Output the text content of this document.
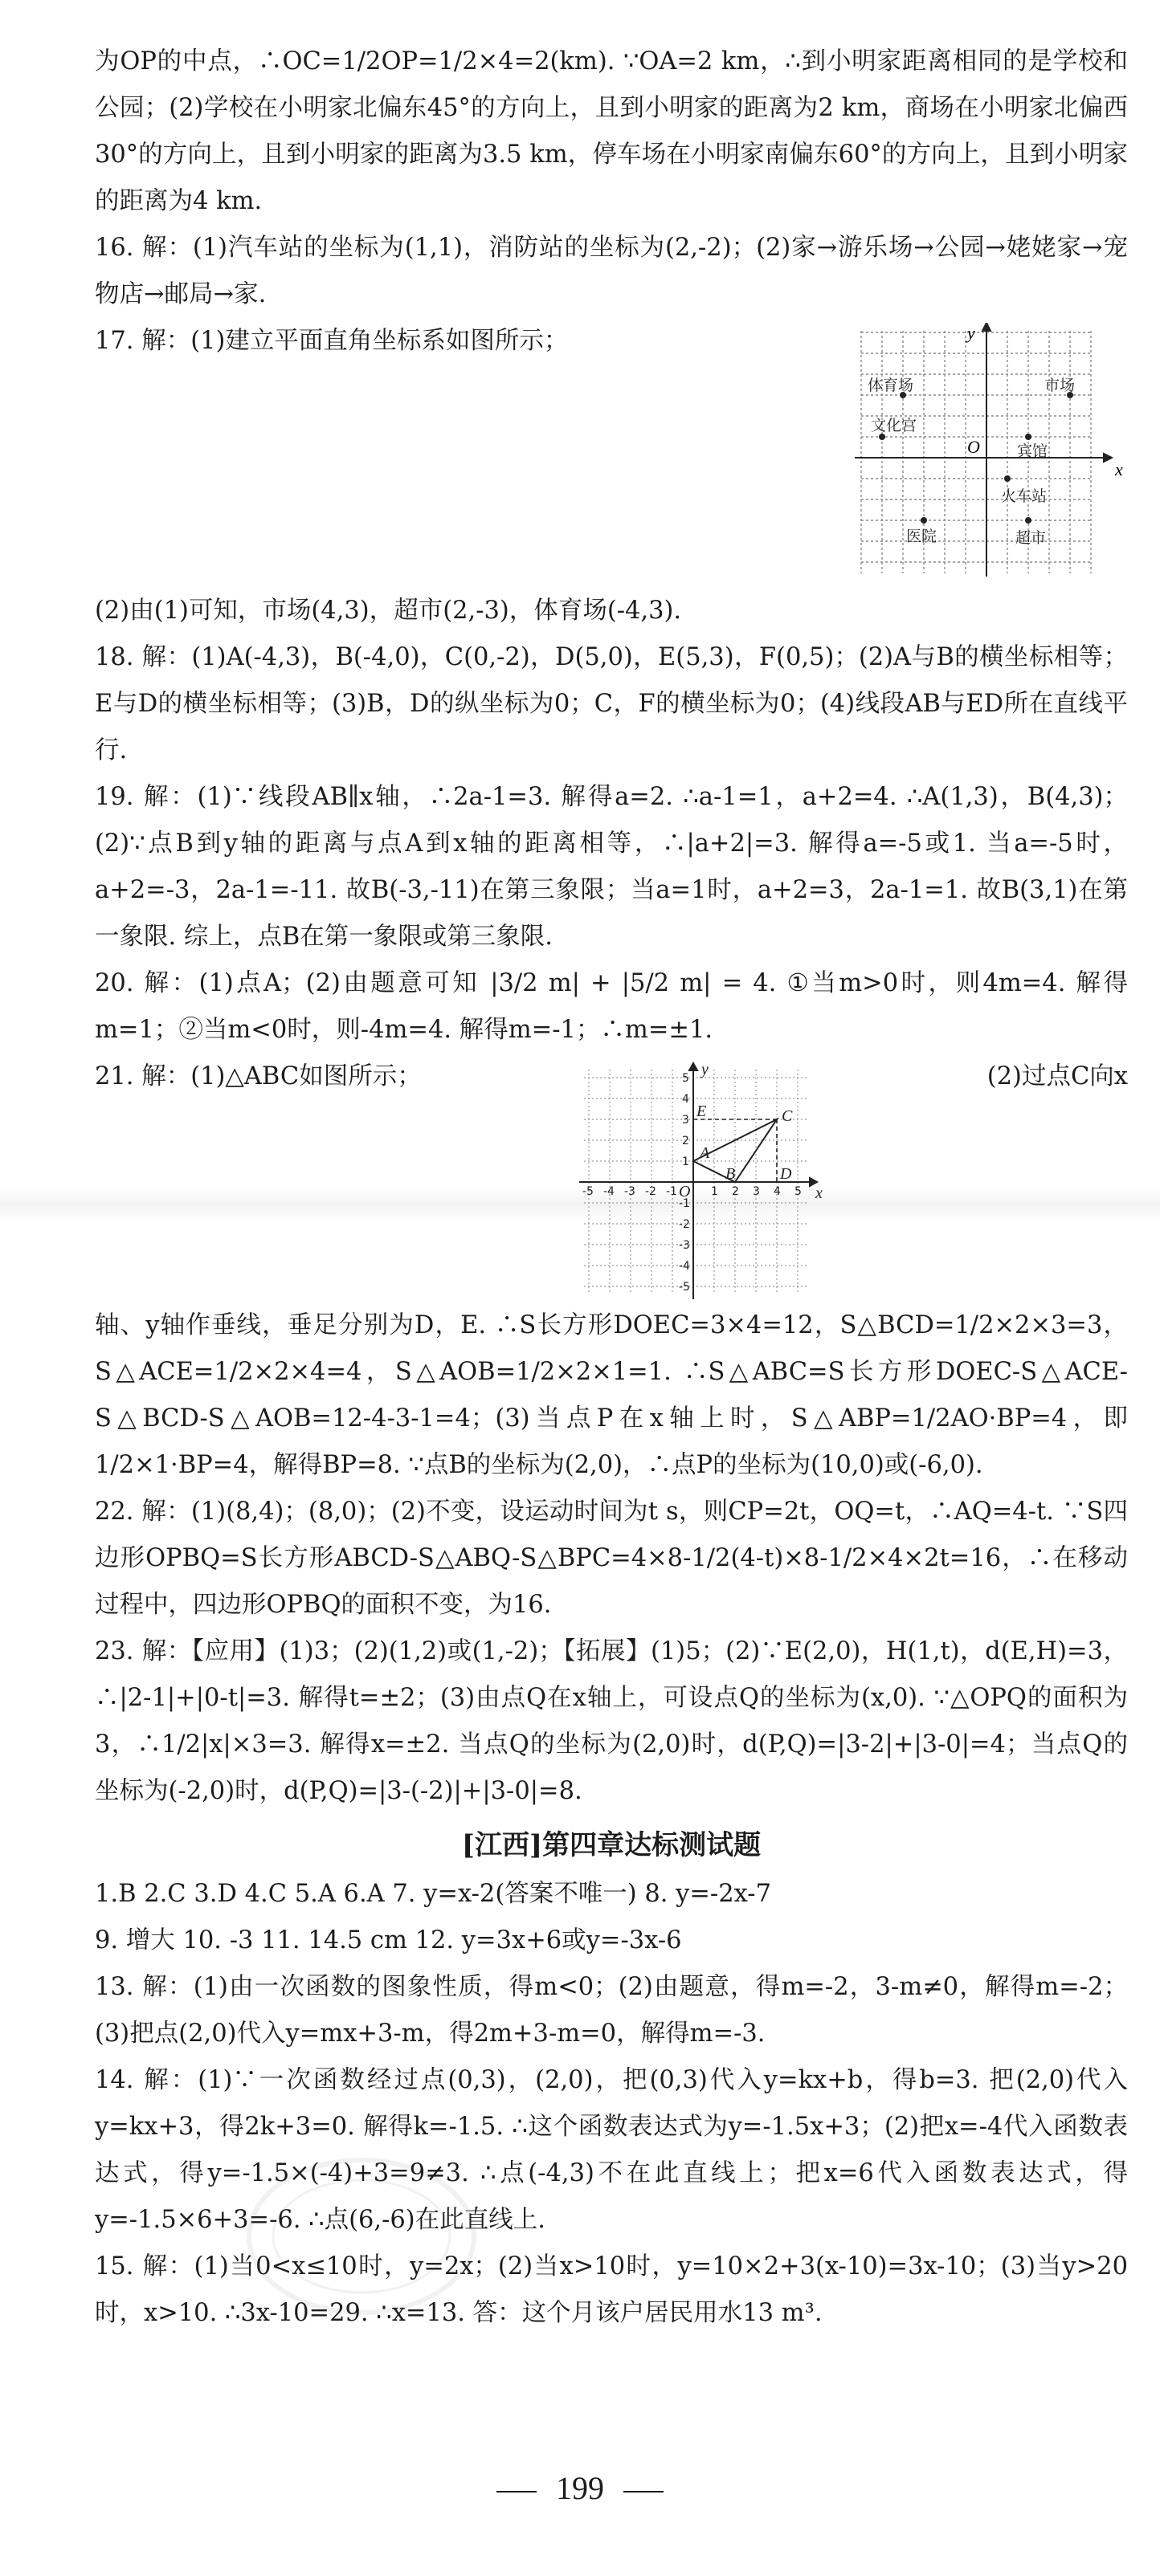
为OP的中点，∴OC=1/2OP=1/2×4=2(km). ∵OA=2 km，∴到小明家距离相同的是学校和公园；(2)学校在小明家北偏东45°的方向上，且到小明家的距离为2 km，商场在小明家北偏西30°的方向上，且到小明家的距离为3.5 km，停车场在小明家南偏东60°的方向上，且到小明家的距离为4 km.

16. 解：(1)汽车站的坐标为(1,1)，消防站的坐标为(2,-2)；(2)家→游乐场→公园→姥姥家→宠物店→邮局→家.

x
y
O
体育场	市场
文化宫
宾馆
火车站
医院	超市
17. 解：(1)建立平面直角坐标系如图所示；

(2)由(1)可知，市场(4,3)，超市(2,-3)，体育场(-4,3).

18. 解：(1)A(-4,3)，B(-4,0)，C(0,-2)，D(5,0)，E(5,3)，F(0,5)；(2)A与B的横坐标相等；E与D的横坐标相等；(3)B，D的纵坐标为0；C，F的横坐标为0；(4)线段AB与ED所在直线平行.

19. 解：(1)∵线段AB∥x轴，∴2a-1=3. 解得a=2. ∴a-1=1，a+2=4. ∴A(1,3)，B(4,3)；(2)∵点B到y轴的距离与点A到x轴的距离相等，∴|a+2|=3. 解得a=-5或1. 当a=-5时，a+2=-3，2a-1=-11. 故B(-3,-11)在第三象限；当a=1时，a+2=3，2a-1=1. 故B(3,1)在第一象限. 综上，点B在第一象限或第三象限.

20. 解：(1)点A；(2)由题意可知 |3/2 m| + |5/2 m| = 4. ①当m>0时，则4m=4. 解得m=1；②当m<0时，则-4m=4. 解得m=-1；∴m=±1.

21. 解：(1)△ABC如图所示；
A
B
C
D
E
x
y
O
-5 -4 -3 -2 -1	1 2 3 4 5
5
4
3
2
1
-1
-2
-3
-4
-5
(2)过点C向x

轴、y轴作垂线，垂足分别为D，E. ∴S长方形DOEC=3×4=12，S△BCD=1/2×2×3=3，S△ACE=1/2×2×4=4，S△AOB=1/2×2×1=1. ∴S△ABC=S长方形DOEC-S△ACE-S△BCD-S△AOB=12-4-3-1=4；(3)当点P在x轴上时，S△ABP=1/2AO·BP=4，即1/2×1·BP=4，解得BP=8. ∵点B的坐标为(2,0)，∴点P的坐标为(10,0)或(-6,0).

22. 解：(1)(8,4)；(8,0)；(2)不变，设运动时间为t s，则CP=2t，OQ=t，∴AQ=4-t. ∵S四边形OPBQ=S长方形ABCD-S△ABQ-S△BPC=4×8-1/2(4-t)×8-1/2×4×2t=16，∴在移动过程中，四边形OPBQ的面积不变，为16.

23. 解：【应用】(1)3；(2)(1,2)或(1,-2)；【拓展】(1)5；(2)∵E(2,0)，H(1,t)，d(E,H)=3，∴|2-1|+|0-t|=3. 解得t=±2；(3)由点Q在x轴上，可设点Q的坐标为(x,0). ∵△OPQ的面积为3，∴1/2|x|×3=3. 解得x=±2. 当点Q的坐标为(2,0)时，d(P,Q)=|3-2|+|3-0|=4；当点Q的坐标为(-2,0)时，d(P,Q)=|3-(-2)|+|3-0|=8.

[江西]第四章达标测试题

1.B 2.C 3.D 4.C 5.A 6.A 7. y=x-2(答案不唯一) 8. y=-2x-7

9. 增大 10. -3 11. 14.5 cm 12. y=3x+6或y=-3x-6

13. 解：(1)由一次函数的图象性质，得m<0；(2)由题意，得m=-2，3-m≠0，解得m=-2；(3)把点(2,0)代入y=mx+3-m，得2m+3-m=0，解得m=-3.

14. 解：(1)∵一次函数经过点(0,3)，(2,0)，把(0,3)代入y=kx+b，得b=3. 把(2,0)代入y=kx+3，得2k+3=0. 解得k=-1.5. ∴这个函数表达式为y=-1.5x+3；(2)把x=-4代入函数表达式，得y=-1.5×(-4)+3=9≠3. ∴点(-4,3)不在此直线上；把x=6代入函数表达式，得y=-1.5×6+3=-6. ∴点(6,-6)在此直线上.

15. 解：(1)当0<x≤10时，y=2x；(2)当x>10时，y=10×2+3(x-10)=3x-10；(3)当y>20时，x>10. ∴3x-10=29. ∴x=13. 答：这个月该户居民用水13 m³.

199
